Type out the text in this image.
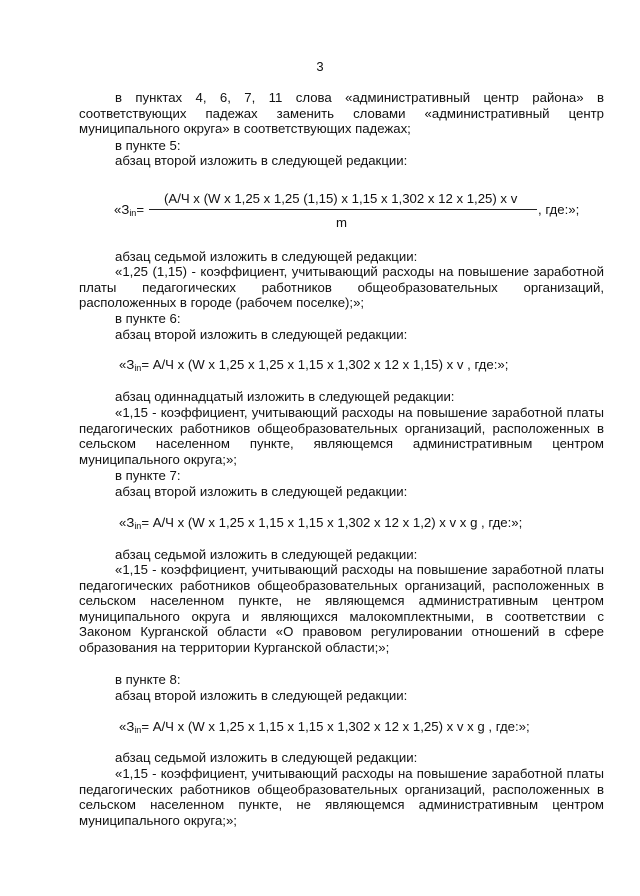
3
в пунктах 4, 6, 7, 11 слова «административный центр района» в соответствующих падежах заменить словами «административный центр муниципального округа» в соответствующих падежах;
в пункте 5:
абзац второй изложить в следующей редакции:
(А/Ч х (W х 1,25 х 1,25 (1,15) х 1,15 х 1,302 х 12 х 1,25) х v
«$З_{in}=$	, где:»;
m
абзац седьмой изложить в следующей редакции:
«1,25 (1,15) - коэффициент, учитывающий расходы на повышение заработной платы педагогических работников общеобразовательных организаций, расположенных в городе (рабочем поселке);»;
в пункте 6:
абзац второй изложить в следующей редакции:
«$З_{in}= А/Ч$ х (W х 1,25 х 1,25 х 1,15 х 1,302 х 12 х 1,15) х v , где:»;
абзац одиннадцатый изложить в следующей редакции:
«1,15 - коэффициент, учитывающий расходы на повышение заработной платы педагогических работников общеобразовательных организаций, расположенных в сельском населенном пункте, являющемся административным центром муниципального округа;»;
в пункте 7:
абзац второй изложить в следующей редакции:
«$З_{in}= А/Ч$ х (W х 1,25 х 1,15 х 1,15 х 1,302 х 12 х 1,2) х v х g , где:»;
абзац седьмой изложить в следующей редакции:
«1,15 - коэффициент, учитывающий расходы на повышение заработной платы педагогических работников общеобразовательных организаций, расположенных в сельском населенном пункте, не являющемся административным центром муниципального округа и являющихся малокомплектными, в соответствии с Законом Курганской области «О правовом регулировании отношений в сфере образования на территории Курганской области;»;
в пункте 8:
абзац второй изложить в следующей редакции:
«$З_{in}= А/Ч$ х (W х 1,25 х 1,15 х 1,15 х 1,302 х 12 х 1,25) х v х g , где:»;
абзац седьмой изложить в следующей редакции:
«1,15 - коэффициент, учитывающий расходы на повышение заработной платы педагогических работников общеобразовательных организаций, расположенных в сельском населенном пункте, не являющемся административным центром муниципального округа;»;
